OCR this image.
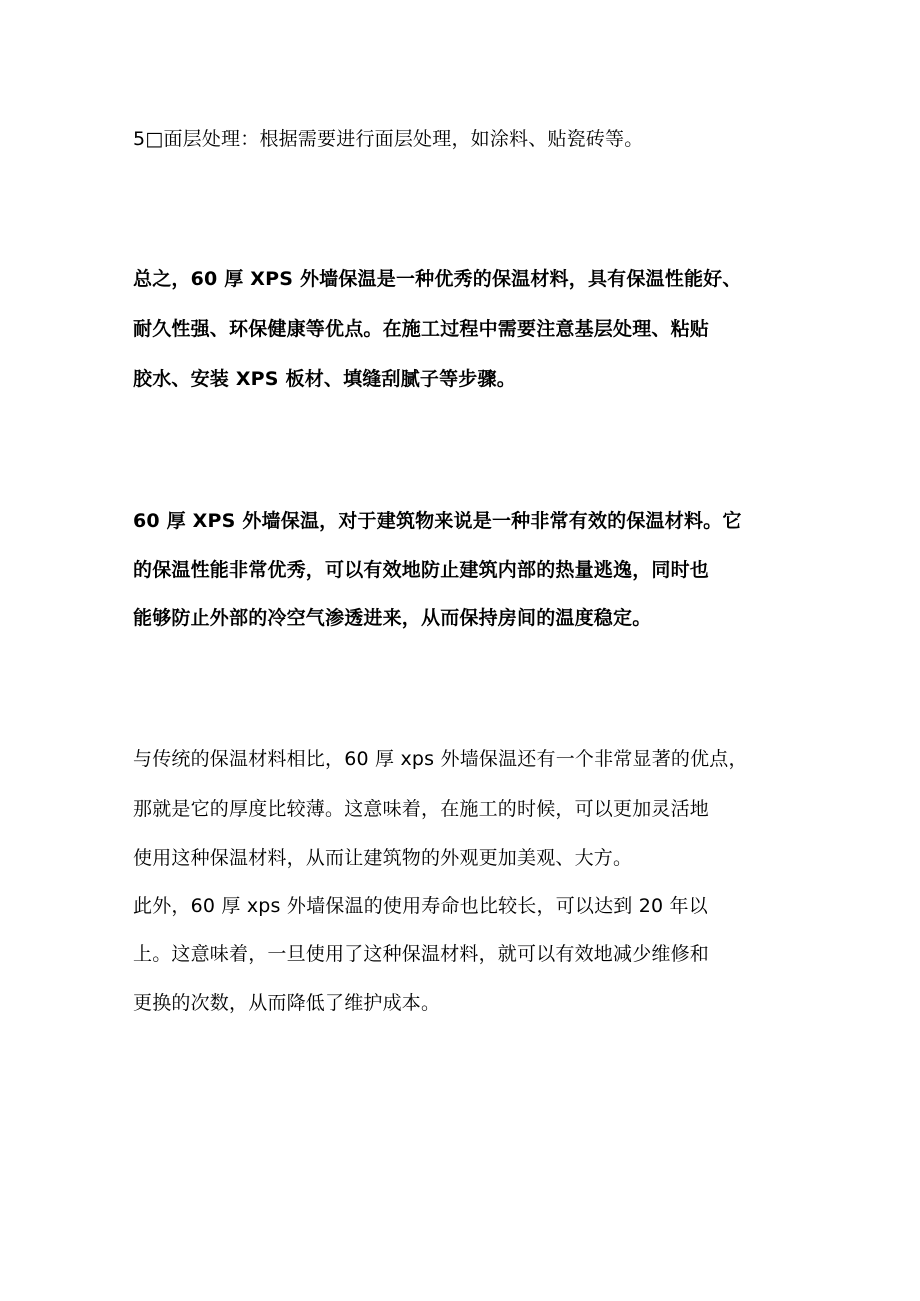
5□面层处理：根据需要进行面层处理，如涂料、贴瓷砖等。

总之，60 厚 XPS 外墙保温是一种优秀的保温材料，具有保温性能好、

耐久性强、环保健康等优点。在施工过程中需要注意基层处理、粘贴

胶水、安装 XPS 板材、填缝刮腻子等步骤。

60 厚 XPS 外墙保温，对于建筑物来说是一种非常有效的保温材料。它

的保温性能非常优秀，可以有效地防止建筑内部的热量逃逸，同时也

能够防止外部的冷空气渗透进来，从而保持房间的温度稳定。

与传统的保温材料相比，60 厚 xps 外墙保温还有一个非常显著的优点，

那就是它的厚度比较薄。这意味着，在施工的时候，可以更加灵活地

使用这种保温材料，从而让建筑物的外观更加美观、大方。

此外，60 厚 xps 外墙保温的使用寿命也比较长，可以达到 20 年以

上。这意味着，一旦使用了这种保温材料，就可以有效地减少维修和

更换的次数，从而降低了维护成本。
